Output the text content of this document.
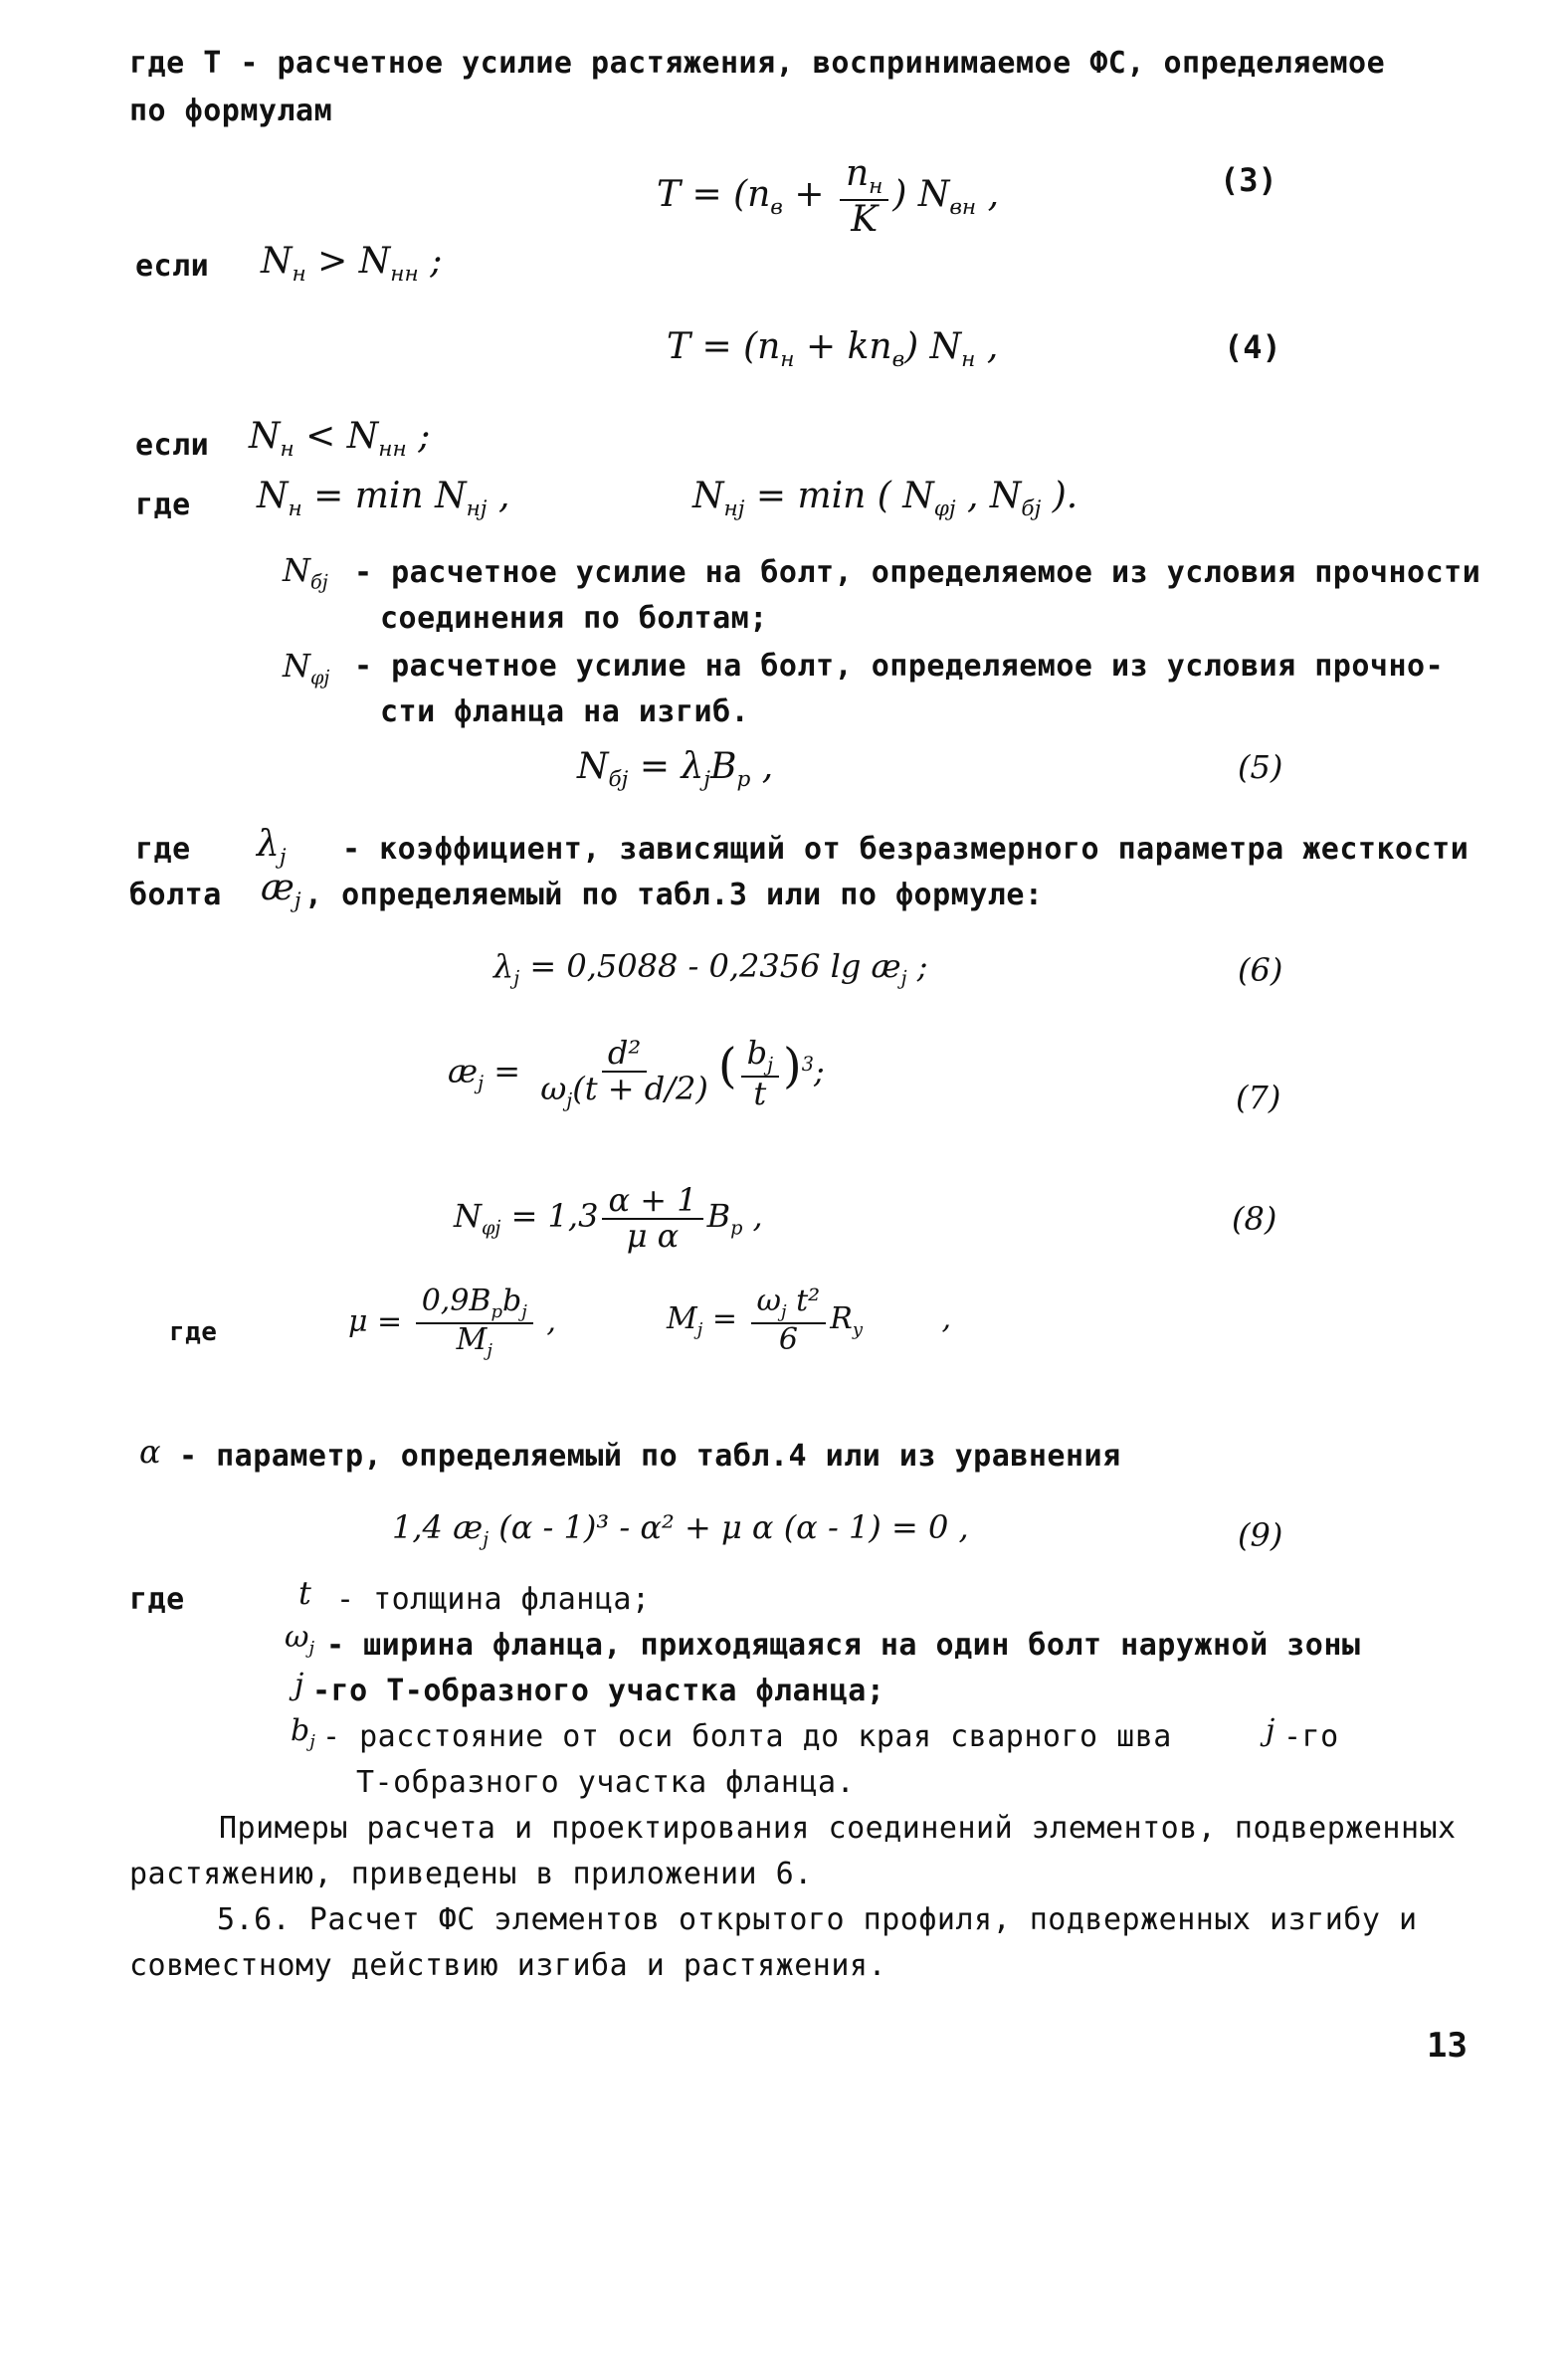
где Т - расчетное усилие растяжения, воспринимаемое ФС, определяемое
по формулам
$T = (n_в + \frac{n_н}{K}$ ) $N_{вн}$ ,	(3)
если $N_н > N_{нн}$ ;
$T = (n_н + kn_в)$ $N_н$ ,	(4)
если $N_н < N_{нн}$ ;
где $N_н = \min N_{нj}$ ,	$N_{нj} = \min$ ( $N_{\varphi j}$ , $N_{бj}$ ).
$N_{бj}$ - расчетное усилие на болт, определяемое из условия прочности
соединения по болтам;
$N_{\varphi j}$ - расчетное усилие на болт, определяемое из условия прочно-
сти фланца на изгиб.
$N_{бj} = \lambda_jB_p$ ,	(5)
где $\lambda_j$ - коэффициент, зависящий от безразмерного параметра жесткости
болта $æ_j$ , определяемый по табл.3 или по формуле:
$\lambda_j = 0,5088 - 0,2356$ $\lg æ_j$ ;	(6)
$æ_j = \frac{\text{d²}}{\omega_j(t + d/2)}$ ( $\frac{b_j}{t} )^3$;
(7)
$N_{\varphi j} = 1,3 \frac{\alpha + 1}{\text{μ α}} B_p$ ,	(8)
где	$\mu = \frac{0,9B_pb_j}{M_j}$ ,	$M_j = \frac{\omega_j t^2}{6} R_y$ ,
α - параметр, определяемый по табл.4 или из уравнения
1,4 $æ_j$ (α - 1)³ - α² + μ α (α - 1) = 0 ,	(9)
где	t - толщина фланца;
$\omega_j$ - ширина фланца, приходящаяся на один болт наружной зоны
j -го Т-образного участка фланца;
$b_j$ - расстояние от оси болта до края сварного шва	j -го
Т-образного участка фланца.
Примеры расчета и проектирования соединений элементов, подверженных
растяжению, приведены в приложении 6.
5.6. Расчет ФС элементов открытого профиля, подверженных изгибу и
совместному действию изгиба и растяжения.
13
